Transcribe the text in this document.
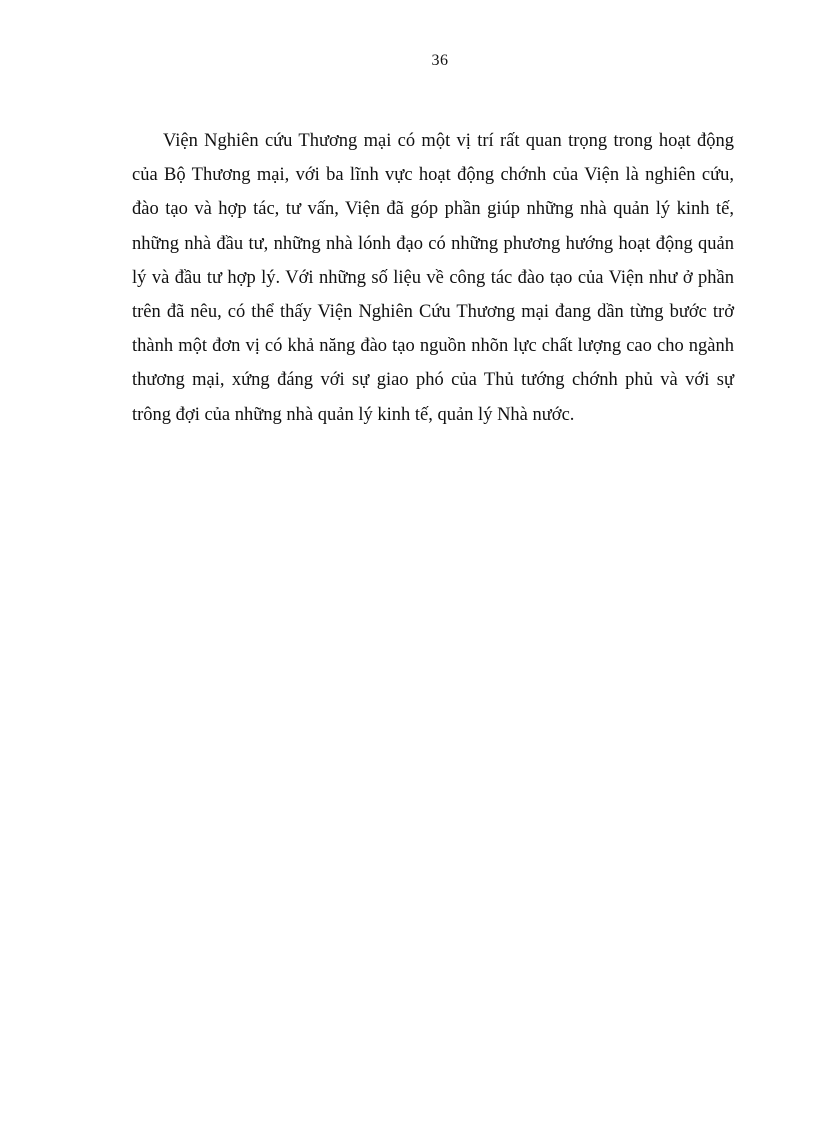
36
Viện Nghiên cứu Thương mại có một vị trí rất quan trọng trong hoạt động
của Bộ Thương mại, với ba lĩnh vực hoạt động chớnh của Viện là nghiên cứu,
đào tạo và hợp tác, tư vấn, Viện đã góp phần giúp những nhà quản lý kinh tế,
những nhà đầu tư, những nhà lónh đạo có những phương hướng hoạt động quản
lý và đầu tư hợp lý. Với những số liệu về công tác đào tạo của Viện như ở phần
trên đã nêu, có thể thấy Viện Nghiên Cứu Thương mại đang dần từng bước trở
thành một đơn vị có khả năng đào tạo nguồn nhõn lực chất lượng cao cho ngành
thương mại, xứng đáng với sự giao phó của Thủ tướng chớnh phủ và với sự
trông đợi của những nhà quản lý kinh tế, quản lý Nhà nước.
